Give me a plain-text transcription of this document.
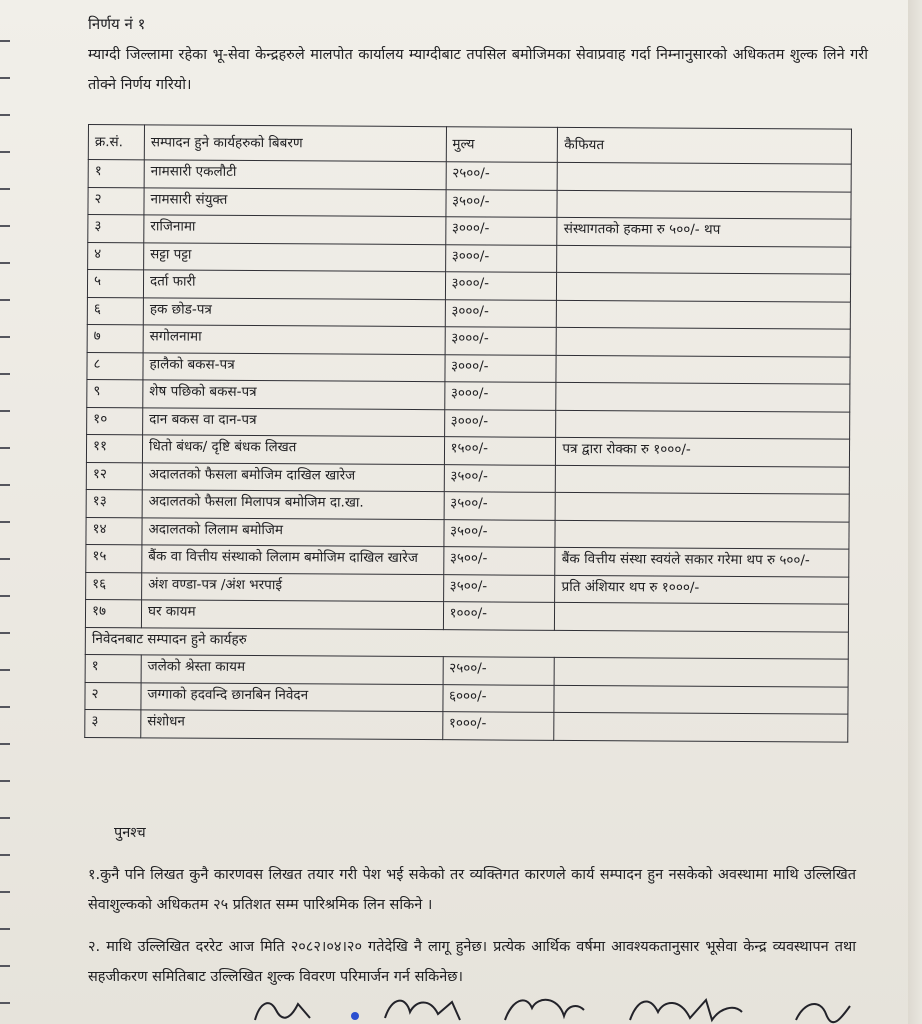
निर्णय नं १
म्याग्दी जिल्लामा रहेका भू-सेवा केन्द्रहरुले मालपोत कार्यालय म्याग्दीबाट तपसिल बमोजिमका सेवाप्रवाह गर्दा निम्नानुसारको अधिकतम शुल्क लिने गरी तोक्ने निर्णय गरियो।
क्र.सं.	सम्पादन हुने कार्यहरुको बिबरण	मुल्य	कैफियत
१	नामसारी एकलौटी	२५००/-	
२	नामसारी संयुक्त	३५००/-	
३	राजिनामा	३०००/-	संस्थागतको हकमा रु ५००/- थप
४	सट्टा पट्टा	३०००/-	
५	दर्ता फारी	३०००/-	
६	हक छोड-पत्र	३०००/-	
७	सगोलनामा	३०००/-	
८	हालैको बकस-पत्र	३०००/-	
९	शेष पछिको बकस-पत्र	३०००/-	
१०	दान बकस वा दान-पत्र	३०००/-	
११	धितो बंधक/ दृष्टि बंधक लिखत	१५००/-	पत्र द्वारा रोक्का रु १०००/-
१२	अदालतको फैसला बमोजिम दाखिल खारेज	३५००/-	
१३	अदालतको फैसला मिलापत्र बमोजिम दा.खा.	३५००/-	
१४	अदालतको लिलाम बमोजिम	३५००/-	
१५	बैंक वा वित्तीय संस्थाको लिलाम बमोजिम दाखिल खारेज	३५००/-	बैंक वित्तीय संस्था स्वयंले सकार गरेमा थप रु ५००/-
१६	अंश वण्डा-पत्र /अंश भरपाई	३५००/-	प्रति अंशियार थप रु १०००/-
१७	घर कायम	१०००/-	
निवेदनबाट सम्पादन हुने कार्यहरु			
१	जलेको श्रेस्ता कायम	२५००/-	
२	जग्गाको हदवन्दि छानबिन निवेदन	६०००/-	
३	संशोधन	१०००/-	
पुनश्च

१.कुनै पनि लिखत कुनै कारणवस लिखत तयार गरी पेश भई सकेको तर व्यक्तिगत कारणले कार्य सम्पादन हुन नसकेको अवस्थामा माथि उल्लिखित सेवाशुल्कको अधिकतम २५ प्रतिशत सम्म पारिश्रमिक लिन सकिने ।

२. माथि उल्लिखित दररेट आज मिति २०८२।०४।२० गतेदेखि नै लागू हुनेछ। प्रत्येक आर्थिक वर्षमा आवश्यकतानुसार भूसेवा केन्द्र व्यवस्थापन तथा सहजीकरण समितिबाट उल्लिखित शुल्क विवरण परिमार्जन गर्न सकिनेछ।
